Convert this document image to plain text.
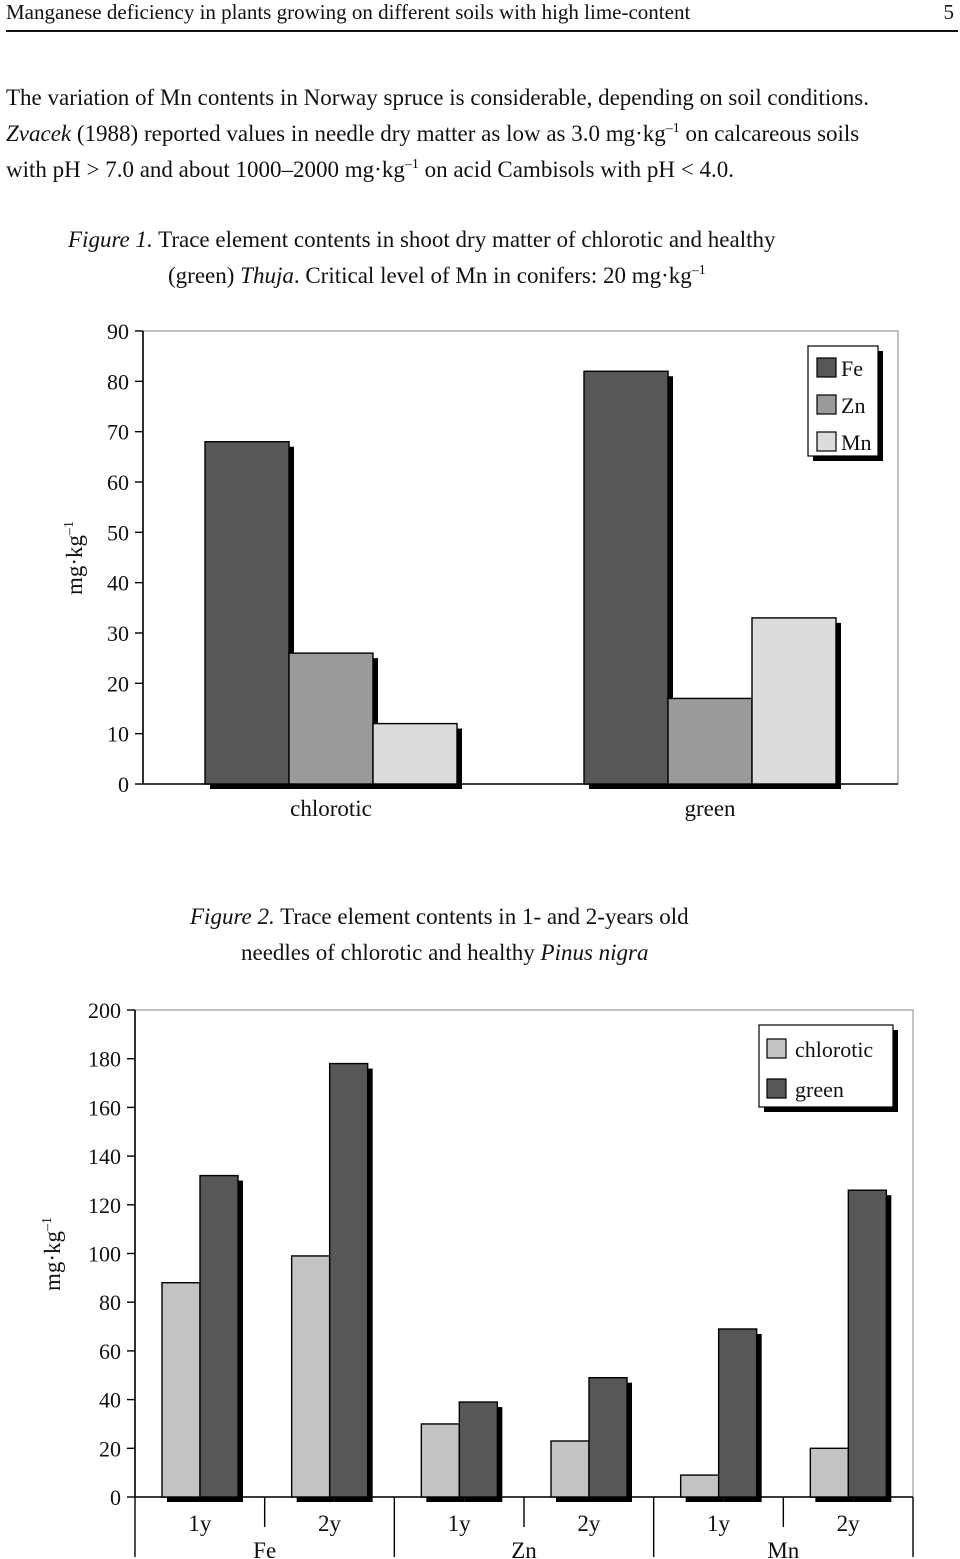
Manganese deficiency in plants growing on different soils with high lime-content	5

The variation of Mn contents in Norway spruce is considerable, depending on soil conditions.

Zvacek (1988) reported values in needle dry matter as low as 3.0 $mg\cdot kg^{-1}$ on calcareous soils

with pH > 7.0 and about 1000–2000 $mg\cdot kg^{-1}$ on acid Cambisols with pH < 4.0.

Figure 1. Trace element contents in shoot dry matter of chlorotic and healthy
(green) Thuja. Critical level of Mn in conifers: 20 $mg\cdot kg^{-1}$
0
10
20
30
40
50
60
70
80
90
$mg\cdot kg^{-1}$
chlorotic	green
Fe
Zn
Mn
Figure 2. Trace element contents in 1- and 2-years old
needles of chlorotic and healthy Pinus nigra
0
20
40
60
80
100
120
140
160
180
200
$mg\cdot kg^{-1}$
1y	2y	1y	2y	1y	2y
Fe	Zn	Mn
chlorotic
green
